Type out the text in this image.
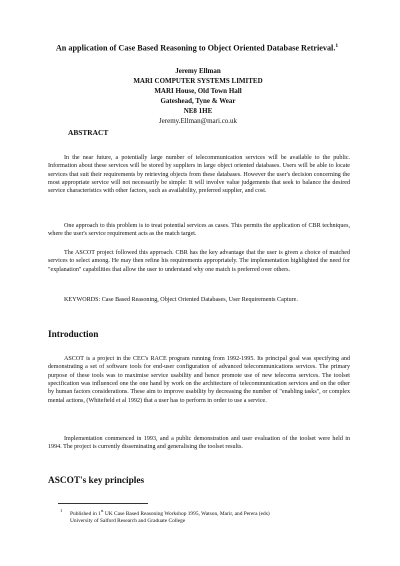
An application of Case Based Reasoning to Object Oriented Database Retrieval.$^1$
Jeremy Ellman
MARI COMPUTER SYSTEMS LIMITED
MARI House, Old Town Hall
Gateshead, Tyne & Wear
NE8 1HE
Jeremy.Ellman@mari.co.uk
ABSTRACT
In the near future, a potentially large number of telecommunication services will be available to the public. Information about these services will be stored by suppliers in large object oriented databases. Users will be able to locate services that suit their requirements by retrieving objects from these databases. However the user's decision concerning the most appropriate service will not necessarily be simple: It will involve value judgements that seek to balance the desired service characteristics with other factors, such as availability, preferred supplier, and cost.
One approach to this problem is to treat potential services as cases. This permits the application of CBR techniques, where the user's service requirement acts as the match target.
The ASCOT project followed this approach. CBR has the key advantage that the user is given a choice of matched services to select among. He may then refine his requirements appropriately. The implementation highlighted the need for "explanation" capabilities that allow the user to understand why one match is preferred over others.
KEYWORDS: Case Based Reasoning, Object Oriented Databases, User Requirements Capture.
Introduction
ASCOT is a project in the CEC's RACE program running from 1992-1995. Its principal goal was specifying and demonstrating a set of software tools for end-user configuration of advanced telecommunications services. The primary purpose of these tools was to maximise service usability and hence promote use of new telecoms services. The toolset specification was influenced one the one hand by work on the architecture of telecommunication services and on the other by human factors considerations. These aim to improve usability by decreasing the number of "enabling tasks", or complex mental actions, (Whitefield et al 1992) that a user has to perform in order to use a service.
Implementation commenced in 1993, and a public demonstration and user evaluation of the toolset were held in 1994. The project is currently disseminating and generalising the toolset results.
ASCOT's key principles
1
Published in 1st UK Case Based Reasoning Workshop 1995, Watson, Marir, and Perera (eds)
University of Salford Research and Graduate College
